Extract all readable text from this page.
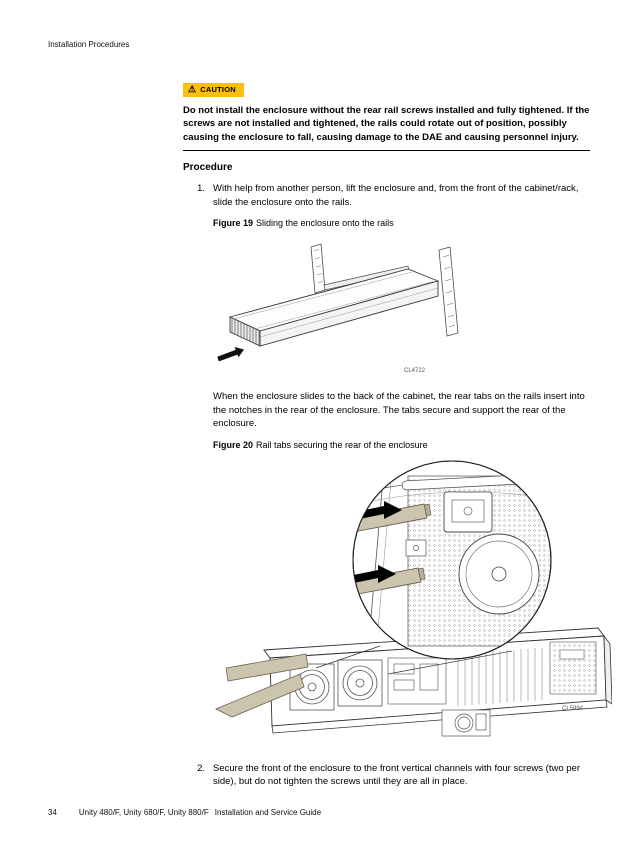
Installation Procedures
⚠ CAUTION

Do not install the enclosure without the rear rail screws installed and fully tightened. If the screws are not installed and tightened, the rails could rotate out of position, possibly causing the enclosure to fall, causing damage to the DAE and causing personnel injury.

Procedure
1. With help from another person, lift the enclosure and, from the front of the cabinet/rack, slide the enclosure onto the rails.
Figure 19 Sliding the enclosure onto the rails
CL4722

When the enclosure slides to the back of the cabinet, the rear tabs on the rails insert into the notches in the rear of the enclosure. The tabs secure and support the rear of the enclosure.

Figure 20 Rail tabs securing the rear of the enclosure
CL5994
2. Secure the front of the enclosure to the front vertical channels with four screws (two per side), but do not tighten the screws until they are all in place.
34	Unity 480/F, Unity 680/F, Unity 880/F Installation and Service Guide
